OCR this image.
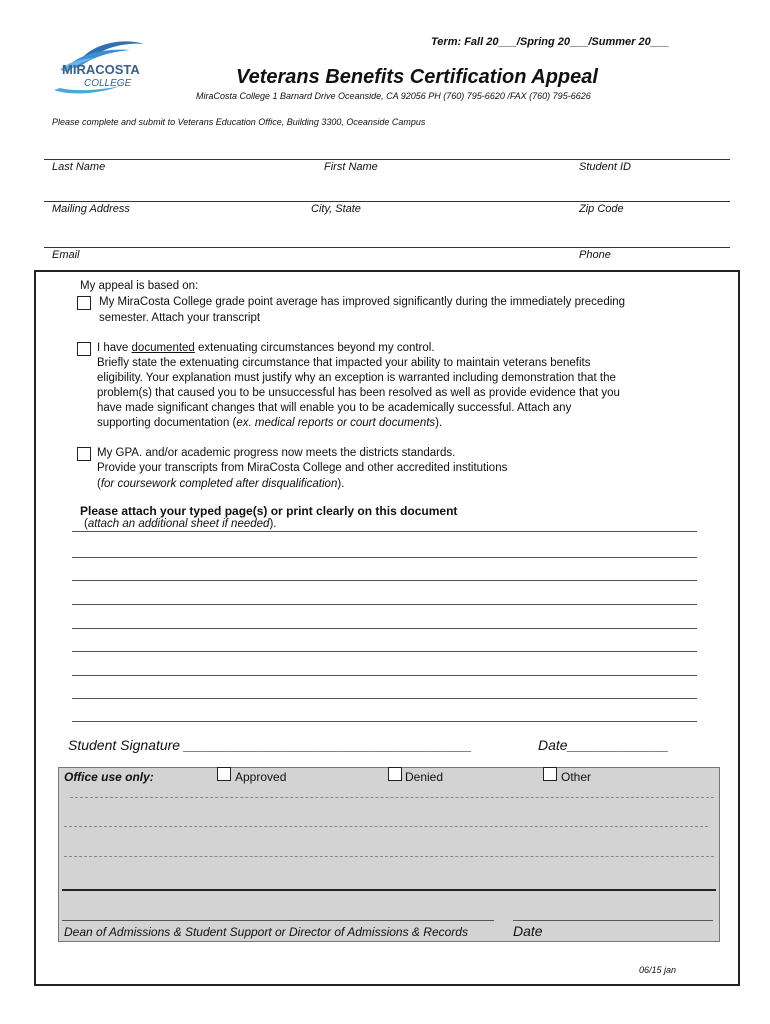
Term: Fall 20___/Spring 20___/Summer 20___
MIRACOSTA
COLLEGE	Veterans Benefits Certification Appeal
MiraCosta College 1 Barnard Drive Oceanside, CA 92056 PH (760) 795-6620 /FAX (760) 795-6626
Please complete and submit to Veterans Education Office, Building 3300, Oceanside Campus
Last Name	First Name	Student ID
Mailing Address	City, State	Zip Code
Email	Phone
My appeal is based on:
My MiraCosta College grade point average has improved significantly during the immediately preceding
semester. Attach your transcript
I have documented extenuating circumstances beyond my control.
Briefly state the extenuating circumstance that impacted your ability to maintain veterans benefits
eligibility. Your explanation must justify why an exception is warranted including demonstration that the
problem(s) that caused you to be unsuccessful has been resolved as well as provide evidence that you
have made significant changes that will enable you to be academically successful. Attach any
supporting documentation (ex. medical reports or court documents).
My GPA. and/or academic progress now meets the districts standards.
Provide your transcripts from MiraCosta College and other accredited institutions
(for coursework completed after disqualification).
Please attach your typed page(s) or print clearly on this document
(attach an additional sheet if needed).
Student Signature _____________________________________	Date_____________
Office use only:	Approved	Denied	Other
Dean of Admissions & Student Support or Director of Admissions & Records	Date
06/15 jan
